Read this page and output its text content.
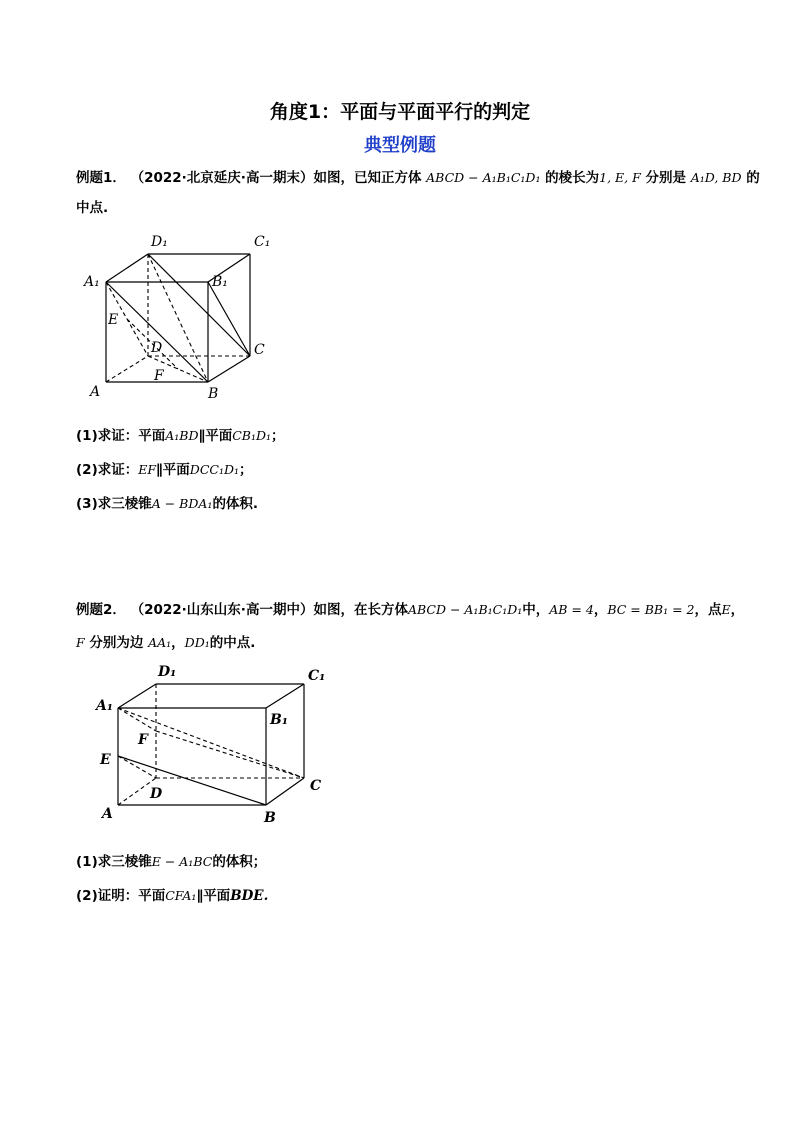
角度1：平面与平面平行的判定
典型例题
例题1． （2022·北京延庆·高一期末）如图，已知正方体 ABCD − A₁B₁C₁D₁ 的棱长为1, E, F 分别是 A₁D, BD 的
中点.
D₁	C₁
A₁	B₁
E
D	C
A
F
B
(1)求证：平面A₁BD∥平面CB₁D₁；
(2)求证：EF∥平面DCC₁D₁；
(3)求三棱锥A − BDA₁的体积.
例题2． （2022·山东山东·高一期中）如图，在长方体ABCD − A₁B₁C₁D₁中，AB = 4，BC = BB₁ = 2，点E，
F 分别为边 AA₁，DD₁的中点.
D₁	C₁
A₁
B₁
F
E
D	C
A	B
(1)求三棱锥E − A₁BC的体积；
(2)证明：平面CFA₁∥平面BDE.
